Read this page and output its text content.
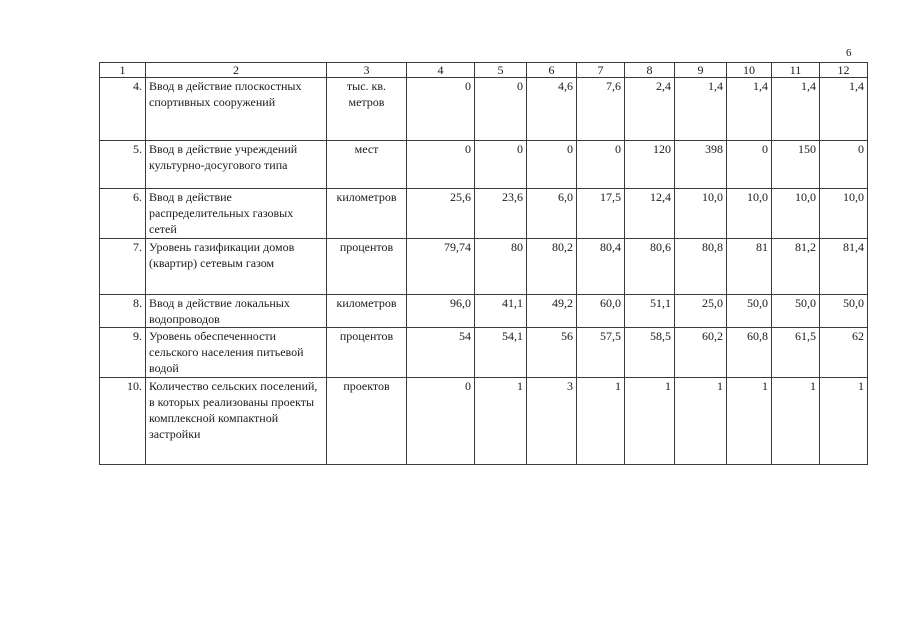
6
1	2	3	4	5	6	7	8	9	10	11	12
4.	Ввод в действие плоскостных спортивных сооружений	тыс. кв. метров	0	0	4,6	7,6	2,4	1,4	1,4	1,4	1,4
5.	Ввод в действие учреждений культурно-досугового типа	мест	0	0	0	0	120	398	0	150	0
6.	Ввод в действие распределительных газовых сетей	километров	25,6	23,6	6,0	17,5	12,4	10,0	10,0	10,0	10,0
7.	Уровень газификации домов (квартир) сетевым газом	процентов	79,74	80	80,2	80,4	80,6	80,8	81	81,2	81,4
8.	Ввод в действие локальных водопроводов	километров	96,0	41,1	49,2	60,0	51,1	25,0	50,0	50,0	50,0
9.	Уровень обеспеченности сельского населения питьевой водой	процентов	54	54,1	56	57,5	58,5	60,2	60,8	61,5	62
10.	Количество сельских поселений, в которых реализованы проекты комплексной компактной застройки	проектов	0	1	3	1	1	1	1	1	1
